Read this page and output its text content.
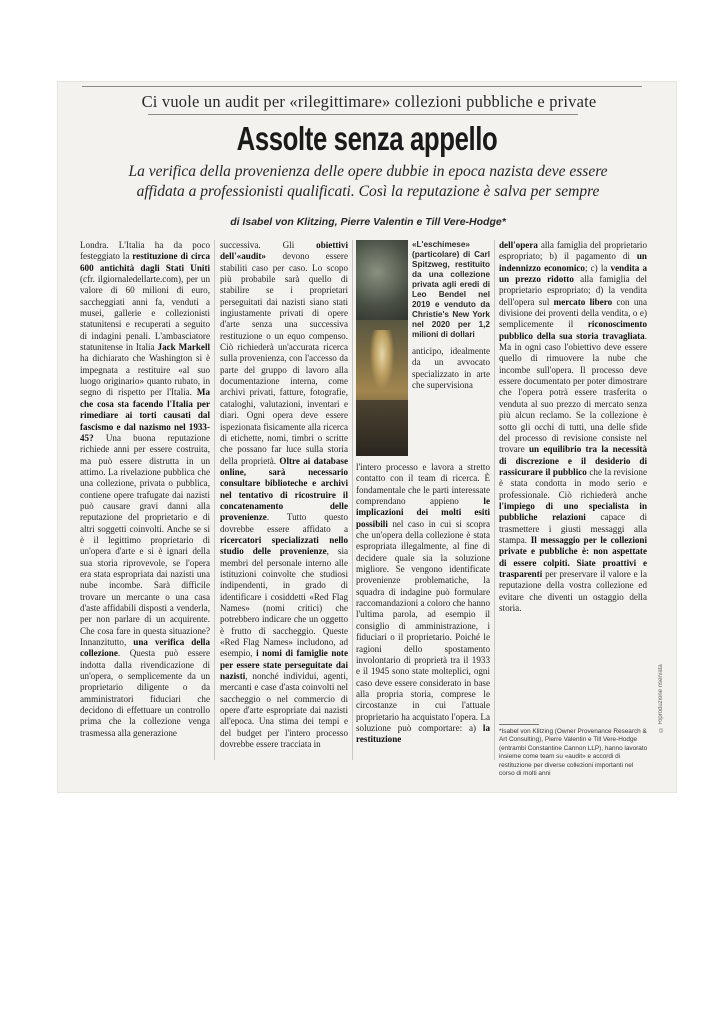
Ci vuole un audit per «rilegittimare» collezioni pubbliche e private
Assolte senza appello
La verifica della provenienza delle opere dubbie in epoca nazista deve essere affidata a professionisti qualificati. Così la reputazione è salva per sempre
di Isabel von Klitzing, Pierre Valentin e Till Vere-Hodge*
Londra. L'Italia ha da poco festeggiato la restituzione di circa 600 antichità dagli Stati Uniti (cfr. ilgiornaledellarte.com), per un valore di 60 milioni di euro, saccheggiati anni fa, venduti a musei, gallerie e collezionisti statunitensi e recuperati a seguito di indagini penali. L'ambasciatore statunitense in Italia Jack Markell ha dichiarato che Washington si è impegnata a restituire «al suo luogo originario» quanto rubato, in segno di rispetto per l'Italia. Ma che cosa sta facendo l'Italia per rimediare ai torti causati dal fascismo e dal nazismo nel 1933-45? Una buona reputazione richiede anni per essere costruita, ma può essere distrutta in un attimo. La rivelazione pubblica che una collezione, privata o pubblica, contiene opere trafugate dai nazisti può causare gravi danni alla reputazione del proprietario e di altri soggetti coinvolti. Anche se si è il legittimo proprietario di un'opera d'arte e si è ignari della sua storia riprovevole, se l'opera era stata espropriata dai nazisti una nube incombe. Sarà difficile trovare un mercante o una casa d'aste affidabili disposti a venderla, per non parlare di un acquirente. Che cosa fare in questa situazione? Innanzitutto, una verifica della collezione. Questa può essere indotta dalla rivendicazione di un'opera, o semplicemente da un proprietario diligente o da amministratori fiduciari che decidono di effettuare un controllo prima che la collezione venga trasmessa alla generazione
successiva. Gli obiettivi dell'«audit» devono essere stabiliti caso per caso. Lo scopo più probabile sarà quello di stabilire se i proprietari perseguitati dai nazisti siano stati ingiustamente privati di opere d'arte senza una successiva restituzione o un equo compenso. Ciò richiederà un'accurata ricerca sulla provenienza, con l'accesso da parte del gruppo di lavoro alla documentazione interna, come archivi privati, fatture, fotografie, cataloghi, valutazioni, inventari e diari. Ogni opera deve essere ispezionata fisicamente alla ricerca di etichette, nomi, timbri o scritte che possano far luce sulla storia della proprietà. Oltre ai database online, sarà necessario consultare biblioteche e archivi nel tentativo di ricostruire il concatenamento delle provenienze. Tutto questo dovrebbe essere affidato a ricercatori specializzati nello studio delle provenienze, sia membri del personale interno alle istituzioni coinvolte che studiosi indipendenti, in grado di identificare i cosiddetti «Red Flag Names» (nomi critici) che potrebbero indicare che un oggetto è frutto di saccheggio. Queste «Red Flag Names» includono, ad esempio, i nomi di famiglie note per essere state perseguitate dai nazisti, nonché individui, agenti, mercanti e case d'asta coinvolti nel saccheggio o nel commercio di opere d'arte espropriate dai nazisti all'epoca. Una stima dei tempi e del budget per l'intero processo dovrebbe essere tracciata in
«L'eschimese» (particolare) di Carl Spitzweg, restituito da una collezione privata agli eredi di Leo Bendel nel 2019 e venduto da Christie's New York nel 2020 per 1,2 milioni di dollari
anticipo, idealmente da un avvocato specializzato in arte che supervisiona
l'intero processo e lavora a stretto contatto con il team di ricerca. È fondamentale che le parti interessate comprendano appieno le implicazioni dei molti esiti possibili nel caso in cui si scopra che un'opera della collezione è stata espropriata illegalmente, al fine di decidere quale sia la soluzione migliore. Se vengono identificate provenienze problematiche, la squadra di indagine può formulare raccomandazioni a coloro che hanno l'ultima parola, ad esempio il consiglio di amministrazione, i fiduciari o il proprietario. Poiché le ragioni dello spostamento involontario di proprietà tra il 1933 e il 1945 sono state molteplici, ogni caso deve essere considerato in base alla propria storia, comprese le circostanze in cui l'attuale proprietario ha acquistato l'opera. La soluzione può comportare: a) la restituzione
dell'opera alla famiglia del proprietario espropriato; b) il pagamento di un indennizzo economico; c) la vendita a un prezzo ridotto alla famiglia del proprietario espropriato; d) la vendita dell'opera sul mercato libero con una divisione dei proventi della vendita, o e) semplicemente il riconoscimento pubblico della sua storia travagliata. Ma in ogni caso l'obiettivo deve essere quello di rimuovere la nube che incombe sull'opera. Il processo deve essere documentato per poter dimostrare che l'opera potrà essere trasferita o venduta al suo prezzo di mercato senza più alcun reclamo. Se la collezione è sotto gli occhi di tutti, una delle sfide del processo di revisione consiste nel trovare un equilibrio tra la necessità di discrezione e il desiderio di rassicurare il pubblico che la revisione è stata condotta in modo serio e professionale. Ciò richiederà anche l'impiego di uno specialista in pubbliche relazioni capace di trasmettere i giusti messaggi alla stampa. Il messaggio per le collezioni private e pubbliche è: non aspettate di essere colpiti. Siate proattivi e trasparenti per preservare il valore e la reputazione della vostra collezione ed evitare che diventi un ostaggio della storia.
*Isabel von Klitzing (Owner Provenance Research & Art Consulting), Pierre Valentin e Till Vere-Hodge (entrambi Constantine Cannon LLP), hanno lavorato insieme come team su «audit» e accordi di restituzione per diverse collezioni importanti nel corso di molti anni
© Riproduzione riservata
